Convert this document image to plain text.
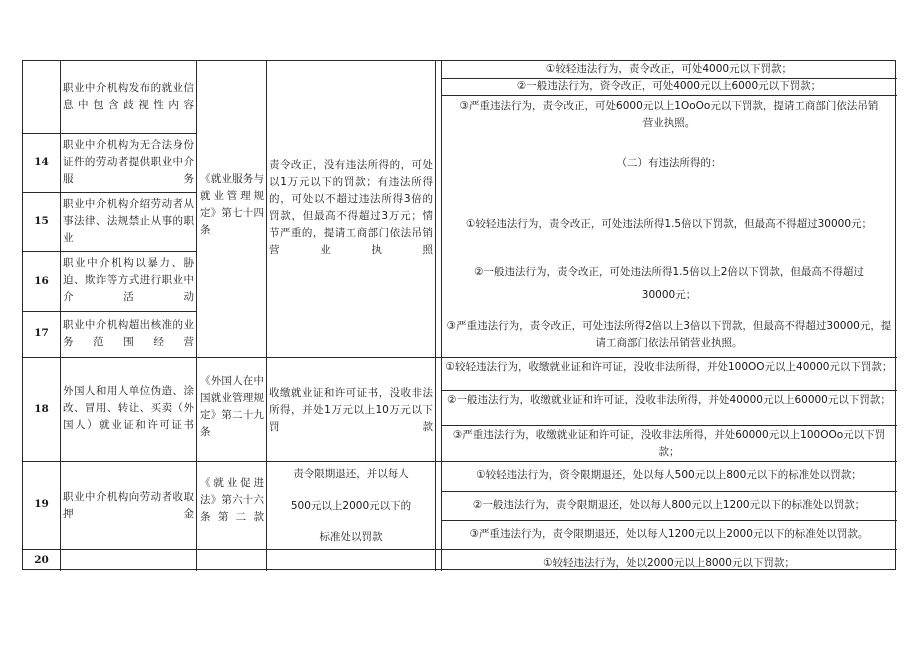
14
15
16
17
18
19
20
职业中介机构发布的就业信息中包含歧视性内容
职业中介机构为无合法身份证件的劳动者提供职业中介服务
职业中介机构介绍劳动者从事法律、法规禁止从事的职业
职业中介机构以暴力、胁迫、欺诈等方式进行职业中介活动
职业中介机构超出核准的业务范围经营
外国人和用人单位伪造、涂改、冒用、转让、买卖（外国人）就业证和许可证书
职业中介机构向劳动者收取押金
《就业服务与就业管理规定》第七十四条
《外国人在中国就业管理规定》第二十九条
《就业促进法》第六十六条第二款
责令改正，没有违法所得的，可处以1万元以下的罚款；有违法所得的，可处以不超过违法所得3倍的罚款，但最高不得超过3万元；情节严重的，提请工商部门依法吊销营业执照
收缴就业证和许可证书，没收非法所得，并处1万元以上10万元以下罚款
责令限期退还，并以每人
500元以上2000元以下的
标准处以罚款
①较轻违法行为，责令改正，可处4000元以下罚款；
②一般违法行为，资令改正，可处4000元以上6000元以下罚款；
③严重违法行为，责令改正，可处6000元以上1OoOo元以下罚款，提请工商部门依法吊销营业执照。
（二）有违法所得的：
①较轻违法行为，责令改正，可处违法所得1.5倍以下罚款，但最高不得超过30000元；
②一般违法行为，责令改正，可处违法所得1.5倍以上2倍以下罚款，但最高不得超过
30000元；
③严重违法行为，责令改正，可处违法所得2倍以上3倍以下罚款，但最高不得超过30000元，提请工商部门依法吊销营业执照。
①较轻违法行为，收缴就业证和许可证，没收非法所得，并处100OO元以上40000元以下罚款；
②一般违法行为，收缴就业证和许可证，没收非法所得，并处40000元以上60000元以下罚款；
③严重违法行为，收缴就业证和许可证，没收非法所得，并处60000元以上100OOo元以下罚款；
①较轻违法行为，资令限期退还，处以每人500元以上800元以下的标准处以罚款；
②一般违法行为，责令限期退还，处以每人800元以上1200元以下的标准处以罚款；
③严重违法行为，责令限期退还，处以每人1200元以上2000元以下的标准处以罚款。
①较轻违法行为，处以2000元以上8000元以下罚款；
